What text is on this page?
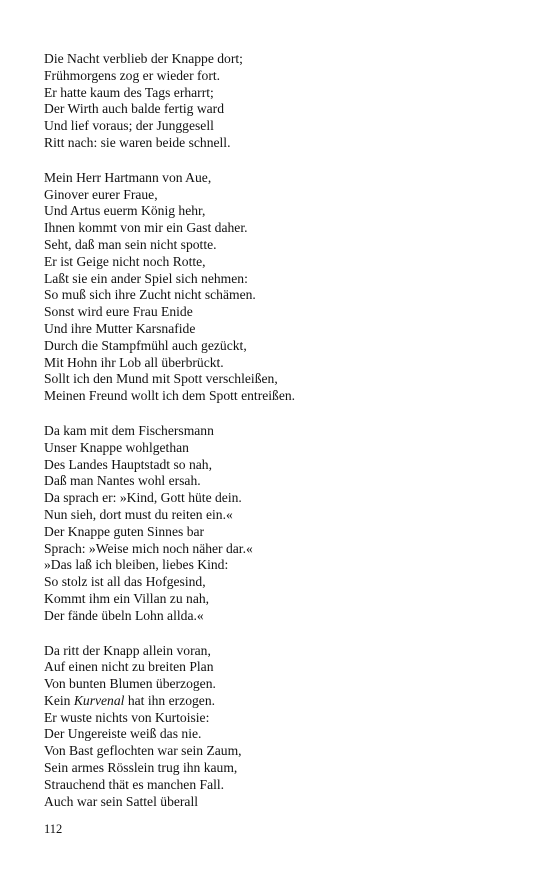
Die Nacht verblieb der Knappe dort;
Frühmorgens zog er wieder fort.
Er hatte kaum des Tags erharrt;
Der Wirth auch balde fertig ward
Und lief voraus; der Junggesell
Ritt nach: sie waren beide schnell.
Mein Herr Hartmann von Aue,
Ginover eurer Fraue,
Und Artus euerm König hehr,
Ihnen kommt von mir ein Gast daher.
Seht, daß man sein nicht spotte.
Er ist Geige nicht noch Rotte,
Laßt sie ein ander Spiel sich nehmen:
So muß sich ihre Zucht nicht schämen.
Sonst wird eure Frau Enide
Und ihre Mutter Karsnafide
Durch die Stampfmühl auch gezückt,
Mit Hohn ihr Lob all überbrückt.
Sollt ich den Mund mit Spott verschleißen,
Meinen Freund wollt ich dem Spott entreißen.
Da kam mit dem Fischersmann
Unser Knappe wohlgethan
Des Landes Hauptstadt so nah,
Daß man Nantes wohl ersah.
Da sprach er: »Kind, Gott hüte dein.
Nun sieh, dort must du reiten ein.«
Der Knappe guten Sinnes bar
Sprach: »Weise mich noch näher dar.«
»Das laß ich bleiben, liebes Kind:
So stolz ist all das Hofgesind,
Kommt ihm ein Villan zu nah,
Der fände übeln Lohn allda.«
Da ritt der Knapp allein voran,
Auf einen nicht zu breiten Plan
Von bunten Blumen überzogen.
Kein Kurvenal hat ihn erzogen.
Er wuste nichts von Kurtoisie:
Der Ungereiste weiß das nie.
Von Bast geflochten war sein Zaum,
Sein armes Rösslein trug ihn kaum,
Strauchend thät es manchen Fall.
Auch war sein Sattel überall
112
